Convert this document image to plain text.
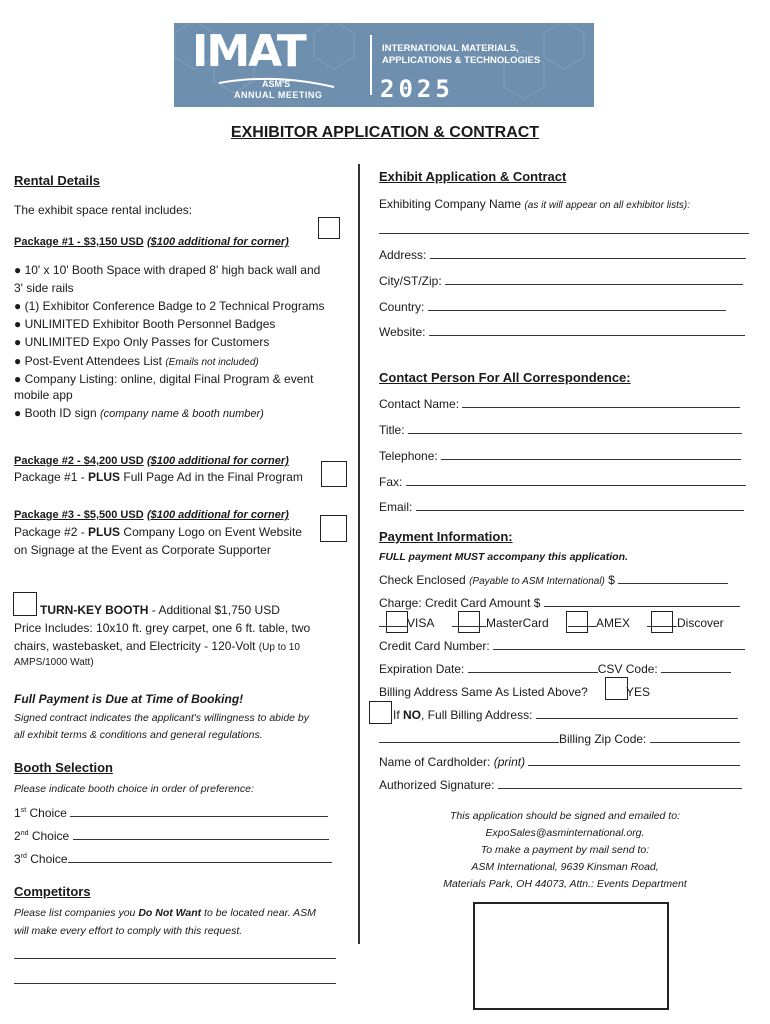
IMAT
ASM'S
ANNUAL MEETING
INTERNATIONAL MATERIALS,
APPLICATIONS & TECHNOLOGIES
2025
EXHIBITOR APPLICATION & CONTRACT
Rental Details
The exhibit space rental includes:
Package #1 - $3,150 USD ($100 additional for corner)
● 10' x 10' Booth Space with draped 8' high back wall and
3' side rails
● (1) Exhibitor Conference Badge to 2 Technical Programs
● UNLIMITED Exhibitor Booth Personnel Badges
● UNLIMITED Expo Only Passes for Customers
● Post-Event Attendees List (Emails not included)
● Company Listing: online, digital Final Program & event
mobile app
● Booth ID sign (company name & booth number)
Package #2 - $4,200 USD ($100 additional for corner)
Package #1 - PLUS Full Page Ad in the Final Program
Package #3 - $5,500 USD ($100 additional for corner)
Package #2 - PLUS Company Logo on Event Website
on Signage at the Event as Corporate Supporter
TURN-KEY BOOTH - Additional $1,750 USD
Price Includes: 10x10 ft. grey carpet, one 6 ft. table, two
chairs, wastebasket, and Electricity - 120-Volt (Up to 10
AMPS/1000 Watt)
Full Payment is Due at Time of Booking!
Signed contract indicates the applicant's willingness to abide by
all exhibit terms & conditions and general regulations.
Booth Selection
Please indicate booth choice in order of preference:
1st Choice
2nd Choice
3rd Choice
Competitors
Please list companies you Do Not Want to be located near. ASM
will make every effort to comply with this request.
Exhibit Application & Contract
Exhibiting Company Name (as it will appear on all exhibitor lists):
Address:
City/ST/Zip:
Country:
Website:
Contact Person For All Correspondence:
Contact Name:
Title:
Telephone:
Fax:
Email:
Payment Information:
FULL payment MUST accompany this application.
Check Enclosed (Payable to ASM International) $
Charge: Credit Card Amount $
VISA	MasterCard	AMEX	Discover
Credit Card Number:
Expiration Date:	CSV Code:
Billing Address Same As Listed Above?	YES
If NO, Full Billing Address:
Billing Zip Code:
Name of Cardholder: (print)
Authorized Signature:
This application should be signed and emailed to:
ExpoSales@asminternational.org.
To make a payment by mail send to:
ASM International, 9639 Kinsman Road,
Materials Park, OH 44073, Attn.: Events Department
